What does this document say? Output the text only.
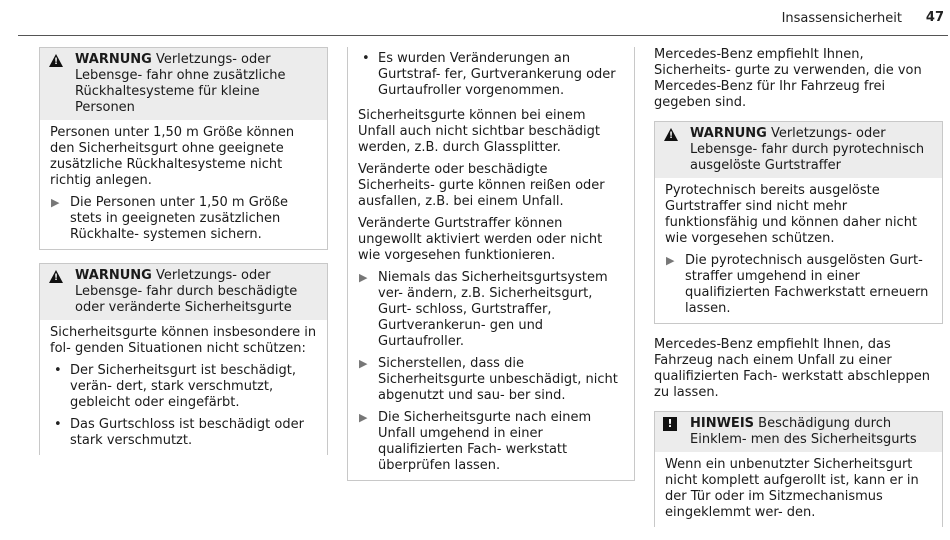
Insassensicherheit 47
!
WARNUNG Verletzungs- oder Lebensge- fahr ohne zusätzliche Rückhaltesysteme für kleine Personen

Personen unter 1,50 m Größe können den Sicherheitsgurt ohne geeignete zusätzliche Rückhaltesysteme nicht richtig anlegen.

▶ Die Personen unter 1,50 m Größe stets in geeigneten zusätzlichen Rückhalte- systemen sichern.
!
WARNUNG Verletzungs- oder Lebensge- fahr durch beschädigte oder veränderte Sicherheitsgurte

Sicherheitsgurte können insbesondere in fol- genden Situationen nicht schützen:

• Der Sicherheitsgurt ist beschädigt, verän- dert, stark verschmutzt, gebleicht oder eingefärbt.
• Das Gurtschloss ist beschädigt oder stark verschmutzt.
• Es wurden Veränderungen an Gurtstraf- fer, Gurtverankerung oder Gurtaufroller vorgenommen.

Sicherheitsgurte können bei einem Unfall auch nicht sichtbar beschädigt werden, z.B. durch Glassplitter.

Veränderte oder beschädigte Sicherheits- gurte können reißen oder ausfallen, z.B. bei einem Unfall.

Veränderte Gurtstraffer können ungewollt aktiviert werden oder nicht wie vorgesehen funktionieren.

▶ Niemals das Sicherheitsgurtsystem ver- ändern, z.B. Sicherheitsgurt, Gurt- schloss, Gurtstraffer, Gurtverankerun- gen und Gurtaufroller.
▶ Sicherstellen, dass die Sicherheitsgurte unbeschädigt, nicht abgenutzt und sau- ber sind.
▶ Die Sicherheitsgurte nach einem Unfall umgehend in einer qualifizierten Fach- werkstatt überprüfen lassen.

Mercedes-Benz empfiehlt Ihnen, Sicherheits- gurte zu verwenden, die von Mercedes-Benz für Ihr Fahrzeug frei gegeben sind.

!
WARNUNG Verletzungs- oder Lebensge- fahr durch pyrotechnisch ausgelöste Gurtstraffer

Pyrotechnisch bereits ausgelöste Gurtstraffer sind nicht mehr funktionsfähig und können daher nicht wie vorgesehen schützen.

▶ Die pyrotechnisch ausgelösten Gurt- straffer umgehend in einer qualifizierten Fachwerkstatt erneuern lassen.

Mercedes-Benz empfiehlt Ihnen, das Fahrzeug nach einem Unfall zu einer qualifizierten Fach- werkstatt abschleppen zu lassen.

!	HINWEIS Beschädigung durch Einklem- men des Sicherheitsgurts

Wenn ein unbenutzter Sicherheitsgurt nicht komplett aufgerollt ist, kann er in der Tür oder im Sitzmechanismus eingeklemmt wer- den.
